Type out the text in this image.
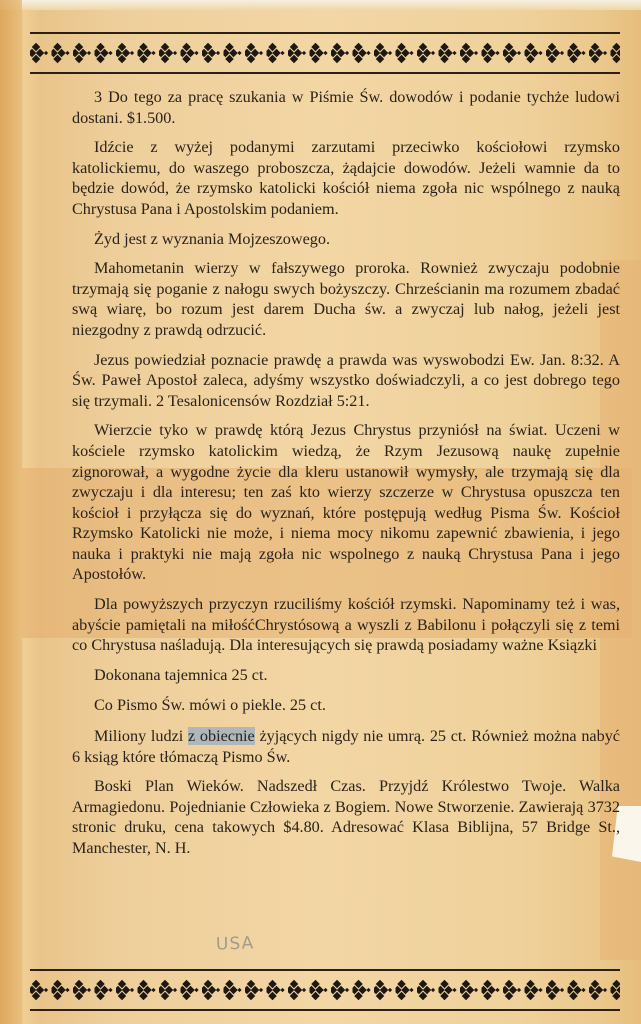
3 Do tego za pracę szukania w Piśmie Św. dowodów i podanie tychże ludowi dostani. $1.500.

Idźcie z wyżej podanymi zarzutami przeciwko kościołowi rzymsko katolickiemu, do waszego proboszcza, żądajcie dowodów. Jeżeli wamnie da to będzie dowód, że rzymsko katolicki kościół niema zgoła nic wspólnego z nauką Chrystusa Pana i Apostolskim podaniem.

Żyd jest z wyznania Mojzeszowego.

Mahometanin wierzy w fałszywego proroka. Rownież zwyczaju podobnie trzymają się poganie z nałogu swych bożyszczy. Chrześcianin ma rozumem zbadać swą wiarę, bo rozum jest darem Ducha św. a zwyczaj lub nałog, jeżeli jest niezgodny z prawdą odrzucić.

Jezus powiedział poznacie prawdę a prawda was wyswobodzi Ew. Jan. 8:32. A Św. Paweł Apostoł zaleca, adyśmy wszystko doświadczyli, a co jest dobrego tego się trzymali. 2 Tesalonicensów Rozdział 5:21.

Wierzcie tyko w prawdę którą Jezus Chrystus przyniósł na świat. Uczeni w kościele rzymsko katolickim wiedzą, że Rzym Jezusową naukę zupełnie zignorował, a wygodne życie dla kleru ustanowił wymysły, ale trzymają się dla zwyczaju i dla interesu; ten zaś kto wierzy szczerze w Chrystusa opuszcza ten kościoł i przyłącza się do wyznań, które postępują według Pisma Św. Kościoł Rzymsko Katolicki nie może, i niema mocy nikomu zapewnić zbawienia, i jego nauka i praktyki nie mają zgoła nic wspolnego z nauką Chrystusa Pana i jego Apostołów.

Dla powyższych przyczyn rzuciliśmy kościół rzymski. Napominamy też i was, abyście pamiętali na miłośćChrystósową a wyszli z Babilonu i połączyli się z temi co Chrystusa naśladują. Dla interesujących się prawdą posiadamy ważne Ksiązki

Dokonana tajemnica 25 ct.

Co Pismo Św. mówi o piekle. 25 ct.

Miliony ludzi z obiecnie żyjących nigdy nie umrą. 25 ct. Również można nabyć 6 ksiąg które tłómaczą Pismo Św.

Boski Plan Wieków. Nadszedł Czas. Przyjdź Królestwo Twoje. Walka Armagiedonu. Pojednianie Człowieka z Bogiem. Nowe Stworzenie. Zawierają 3732 stronic druku, cena takowych $4.80. Adresować Klasa Biblijna, 57 Bridge St., Manchester, N. H.

USA
